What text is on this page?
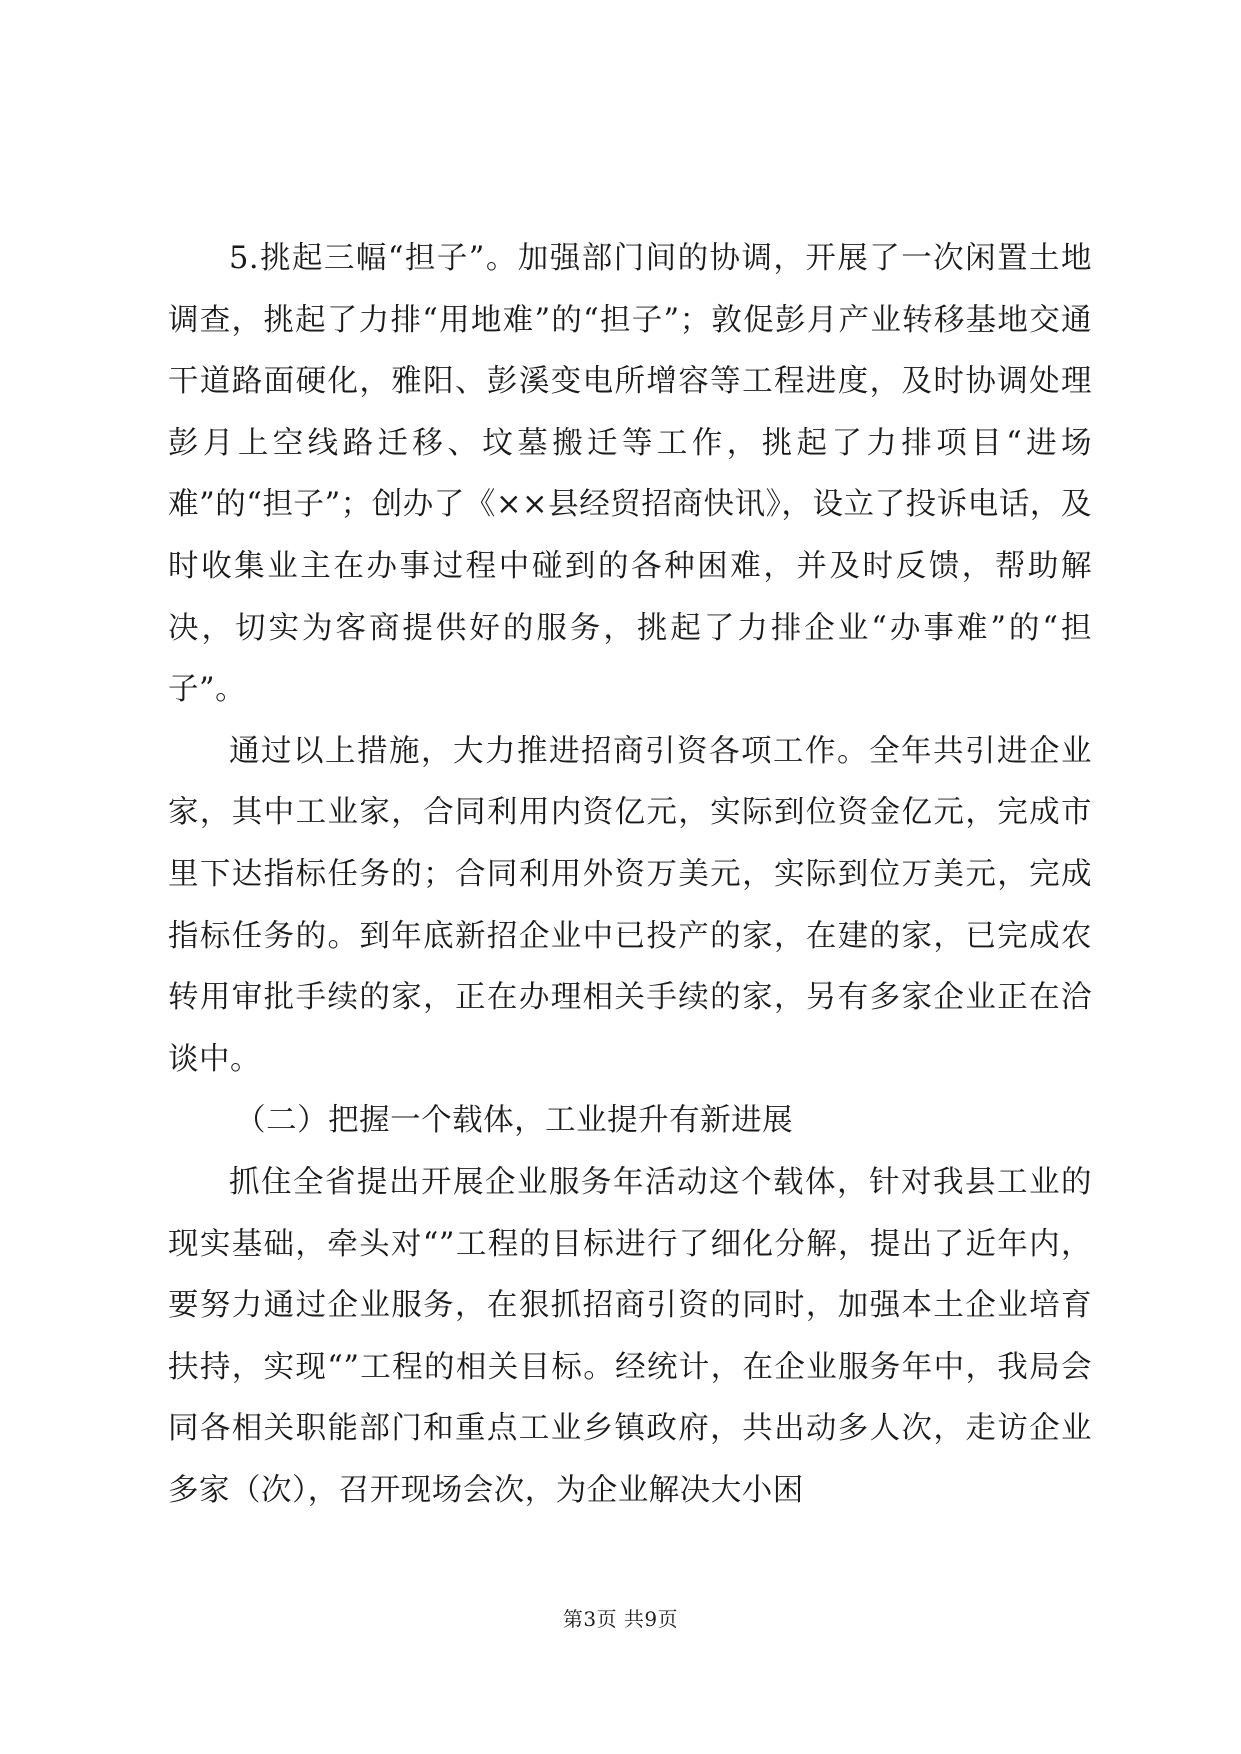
5.挑起三幅“担子”。加强部门间的协调，开展了一次闲置土地调查，挑起了力排“用地难”的“担子”；敦促彭月产业转移基地交通干道路面硬化，雅阳、彭溪变电所增容等工程进度，及时协调处理彭月上空线路迁移、坟墓搬迁等工作，挑起了力排项目“进场难”的“担子”；创办了《××县经贸招商快讯》，设立了投诉电话，及时收集业主在办事过程中碰到的各种困难，并及时反馈，帮助解决，切实为客商提供好的服务，挑起了力排企业“办事难”的“担子”。

通过以上措施，大力推进招商引资各项工作。全年共引进企业家，其中工业家，合同利用内资亿元，实际到位资金亿元，完成市里下达指标任务的；合同利用外资万美元，实际到位万美元，完成指标任务的。到年底新招企业中已投产的家，在建的家，已完成农转用审批手续的家，正在办理相关手续的家，另有多家企业正在洽谈中。

（二）把握一个载体，工业提升有新进展

抓住全省提出开展企业服务年活动这个载体，针对我县工业的现实基础，牵头对“”工程的目标进行了细化分解，提出了近年内，要努力通过企业服务，在狠抓招商引资的同时，加强本土企业培育扶持，实现“”工程的相关目标。经统计，在企业服务年中，我局会同各相关职能部门和重点工业乡镇政府，共出动多人次，走访企业多家（次），召开现场会次，为企业解决大小困

第3页 共9页
